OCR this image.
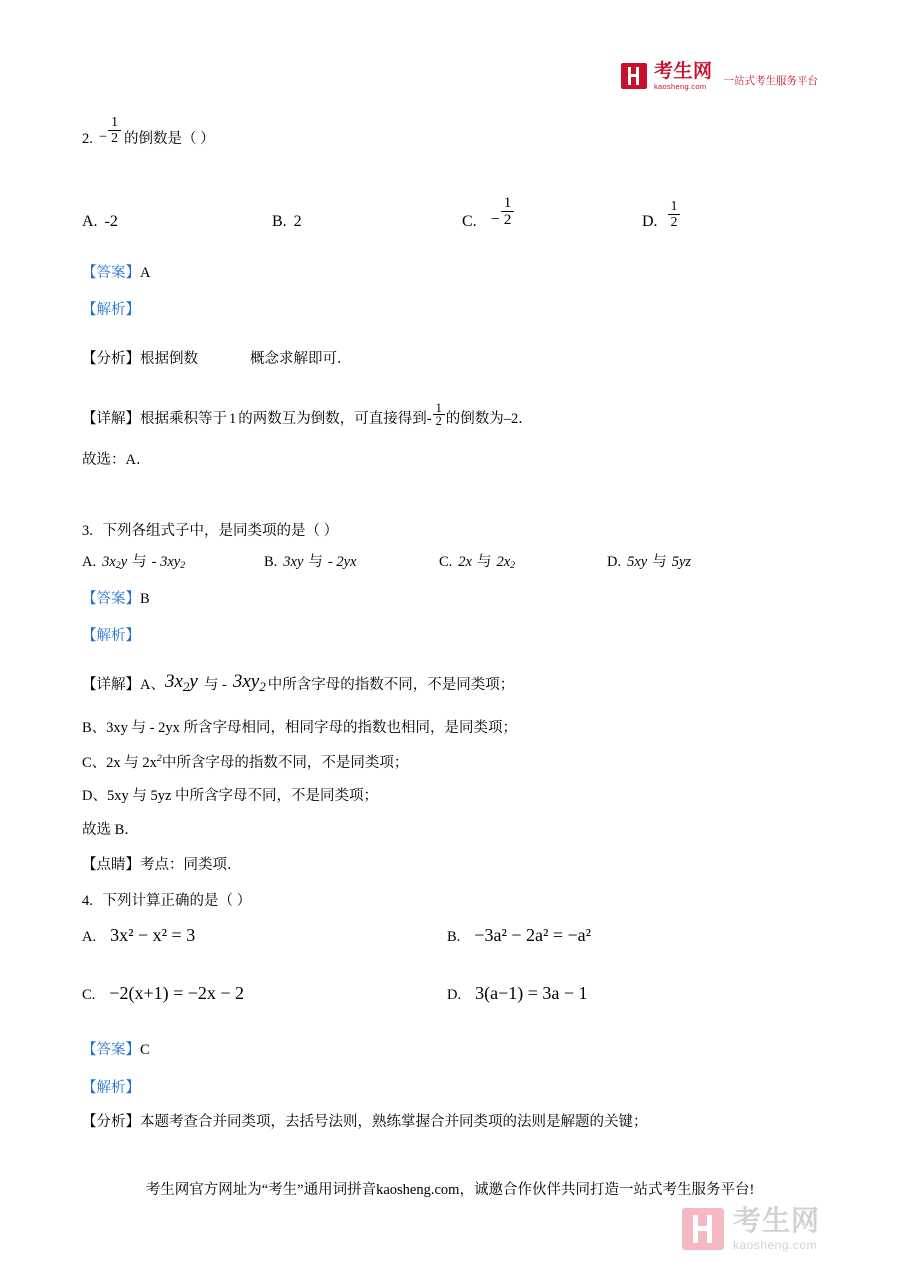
考生网
kaosheng.com	一站式考生服务平台
2. − $\frac{1}{2}$ 的倒数是（ ）
A. -2	B. 2	C. − $\frac{1}{2}$	D. $\frac{1}{2}$
【答案】A
【解析】
【分析】根据倒数	概念求解即可．
【详解】 根据乘积等于 1 的两数互为倒数，可直接得到- $\frac{1}{2}$ 的倒数为–2．
故选：A．
3. 下列各组式子中，是同类项的是（ ）
A. $3x_2$ y 与 - $3xy_2$	B. 3xy 与 - 2yx	C. 2x 与 $2x_2$	D. 5xy 与 5yz
【答案】B
【解析】
【详解】 A、 3x 2 y 与 - 3xy 2 中所含字母的指数不同，不是同类项；
B、3xy 与 - 2yx 所含字母相同，相同字母的指数也相同，是同类项；
C、2x 与 $2x^2$中所含字母的指数不同，不是同类项；
D、5xy 与 5yz 中所含字母不同，不是同类项；
故选 B．
【点睛】考点：同类项．
4. 下列计算正确的是（ ）
A. 3x² − x² = 3	B. −3a² − 2a² = −a²
C. −2(x+1) = −2x − 2	D. 3(a−1) = 3a − 1
【答案】C
【解析】
【分析】本题考查合并同类项，去括号法则，熟练掌握合并同类项的法则是解题的关键；
考生网官方网址为“考生”通用词拼音kaosheng.com，诚邀合作伙伴共同打造一站式考生服务平台!
考生网
kaosheng.com
